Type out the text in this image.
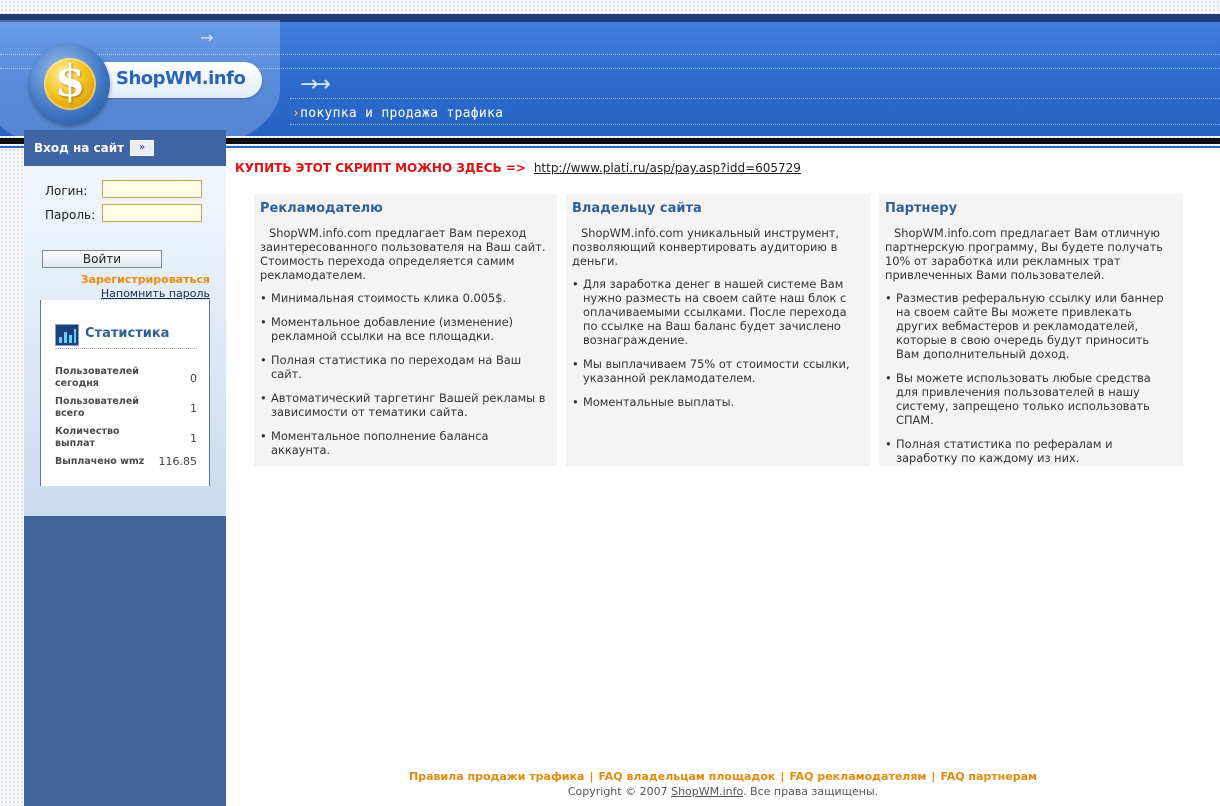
→
→→
$	ShopWM.info
›покупка и продажа трафика
Вход на сайт	»
Логин:
Пароль:
Войти
Зарегистрироваться
Напомнить пароль
Статистика
Пользователей сегодня	0
Пользователей всего	1
Количество выплат	1
Выплачено wmz	116.85
КУПИТЬ ЭТОТ СКРИПТ МОЖНО ЗДЕСЬ => http://www.plati.ru/asp/pay.asp?idd=605729
Рекламодателю

ShopWM.info.com предлагает Вам переход заинтересованного пользователя на Ваш сайт. Стоимость перехода определяется самим рекламодателем.

• Минимальная стоимость клика 0.005$.
• Моментальное добавление (изменение) рекламной ссылки на все площадки.
• Полная статистика по переходам на Ваш сайт.
• Автоматический таргетинг Вашей рекламы в зависимости от тематики сайта.
• Моментальное пополнение баланса аккаунта.
Владельцу сайта

ShopWM.info.com уникальный инструмент, позволяющий конвертировать аудиторию в деньги.

• Для заработка денег в нашей системе Вам нужно разместь на своем сайте наш блок с оплачиваемыми ссылками. После перехода по ссылке на Ваш баланс будет зачислено вознаграждение.
• Мы выплачиваем 75% от стоимости ссылки, указанной рекламодателем.
• Моментальные выплаты.
Партнеру

ShopWM.info.com предлагает Вам отличную партнерскую программу, Вы будете получать 10% от заработка или рекламных трат привлеченных Вами пользователей.

• Разместив реферальную ссылку или баннер на своем сайте Вы можете привлекать других вебмастеров и рекламодателей, которые в свою очередь будут приносить Вам дополнительный доход.
• Вы можете использовать любые средства для привлечения пользователей в нашу систему, запрещено только использовать СПАМ.
• Полная статистика по рефералам и заработку по каждому из них.
Правила продажи трафика | FAQ владельцам площадок | FAQ рекламодателям | FAQ партнерам
Copyright © 2007 ShopWM.info. Все права защищены.
